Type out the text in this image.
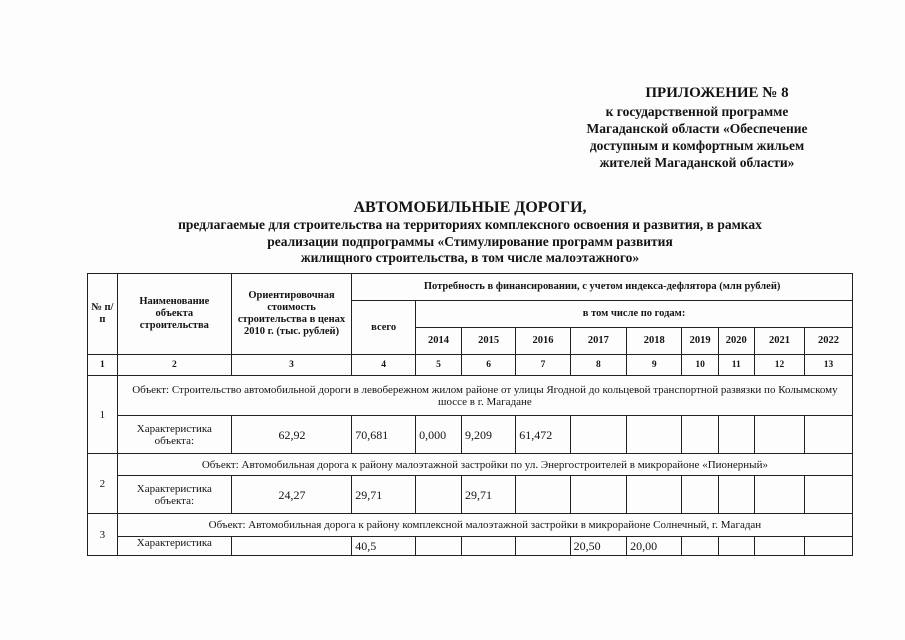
ПРИЛОЖЕНИЕ № 8
к государственной программе
Магаданской области «Обеспечение
доступным и комфортным жильем
жителей Магаданской области»
АВТОМОБИЛЬНЫЕ ДОРОГИ,
предлагаемые для строительства на территориях комплексного освоения и развития, в рамках
реализации подпрограммы «Стимулирование программ развития
жилищного строительства, в том числе малоэтажного»
№ п/п	Наименование объекта строительства	Ориентировочная стоимость строительства в ценах 2010 г. (тыс. рублей)	Потребность в финансировании, с учетом индекса-дефлятора (млн рублей)									
			всего	в том числе по годам:								
				2014	2015	2016	2017	2018	2019	2020	2021	2022
1	2	3	4	5	6	7	8	9	10	11	12	13
1	Объект: Строительство автомобильной дороги в левобережном жилом районе от улицы Ягодной до кольцевой транспортной развязки по Колымскому шоссе в г. Магадане											
	Характеристика объекта:	62,92	70,681	0,000	9,209	61,472						
2	Объект: Автомобильная дорога к району малоэтажной застройки по ул. Энергостроителей в микрорайоне «Пионерный»											
	Характеристика объекта:	24,27	29,71		29,71							
3	Объект: Автомобильная дорога к району комплексной малоэтажной застройки в микрорайоне Солнечный, г. Магадан											
	Характеристика		40,5				20,50	20,00				
